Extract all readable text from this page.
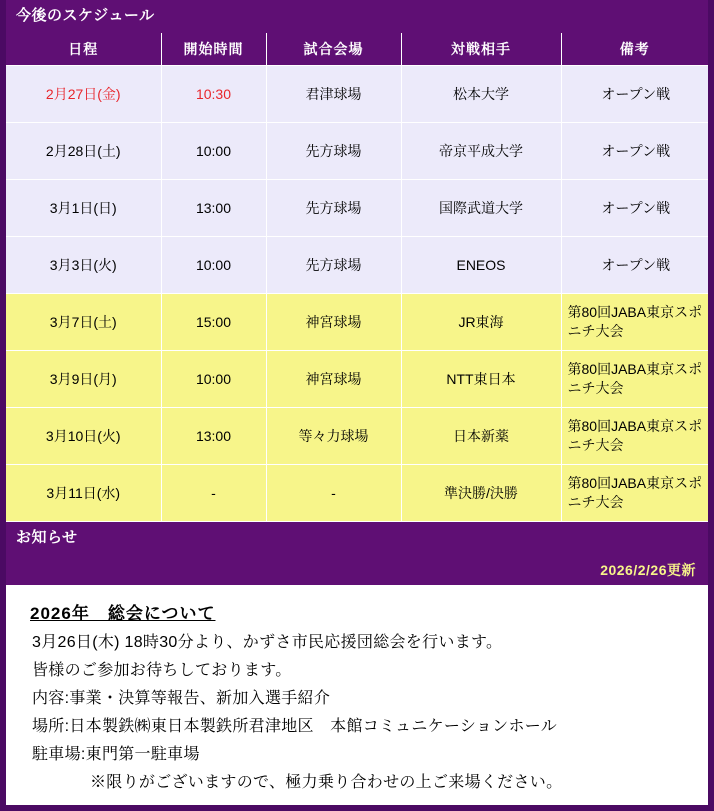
今後のスケジュール
日程	開始時間	試合会場	対戦相手	備考
2月27日(金)	10:30	君津球場	松本大学	オープン戦
2月28日(土)	10:00	先方球場	帝京平成大学	オープン戦
3月1日(日)	13:00	先方球場	国際武道大学	オープン戦
3月3日(火)	10:00	先方球場	ENEOS	オープン戦
3月7日(土)	15:00	神宮球場	JR東海	第80回JABA東京スポニチ大会
3月9日(月)	10:00	神宮球場	NTT東日本	第80回JABA東京スポニチ大会
3月10日(火)	13:00	等々力球場	日本新薬	第80回JABA東京スポニチ大会
3月11日(水)	-	-	準決勝/決勝	第80回JABA東京スポニチ大会
お知らせ
2026/2/26更新
2026年　総会について
3月26日(木) 18時30分より、かずさ市民応援団総会を行います。
皆様のご参加お待ちしております。
内容:事業・決算等報告、新加入選手紹介
場所:日本製鉄㈱東日本製鉄所君津地区　本館コミュニケーションホール
駐車場:東門第一駐車場
※限りがございますので、極力乗り合わせの上ご来場ください。
